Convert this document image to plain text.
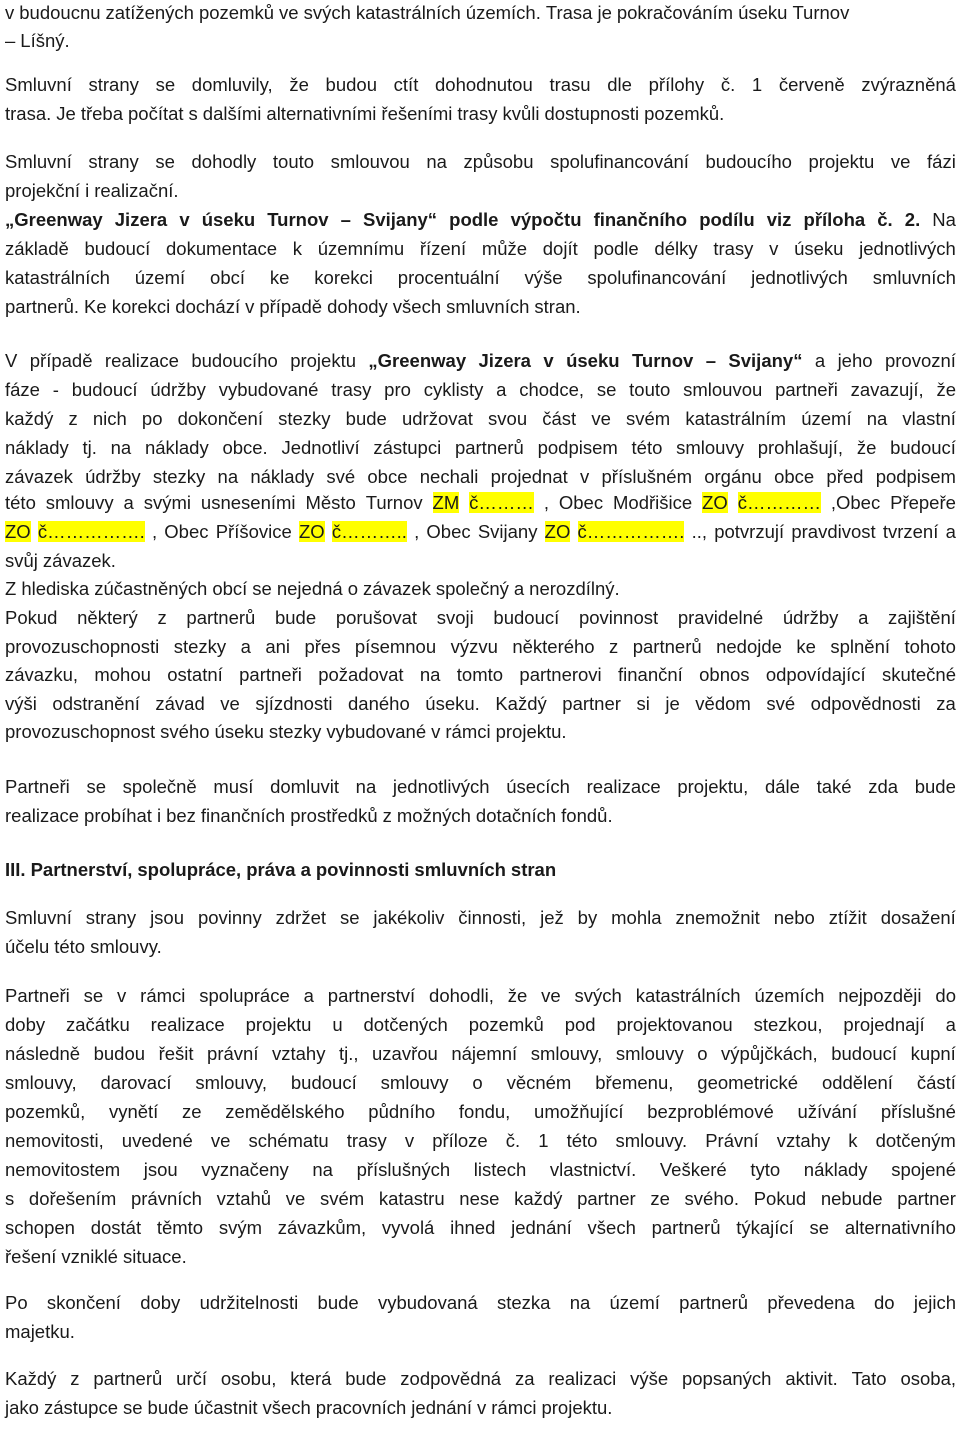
v budoucnu zatížených pozemků ve svých katastrálních územích. Trasa je pokračováním úseku Turnov
– Líšný.
Smluvní strany se domluvily, že budou ctít dohodnutou trasu dle přílohy č. 1 červeně zvýrazněná
trasa. Je třeba počítat s dalšími alternativními řešeními trasy kvůli dostupnosti pozemků.
Smluvní strany se dohodly touto smlouvou na způsobu spolufinancování budoucího projektu ve fázi
projekční i realizační.
„Greenway Jizera v úseku Turnov – Svijany“ podle výpočtu finančního podílu viz příloha č. 2. Na
základě budoucí dokumentace k územnímu řízení může dojít podle délky trasy v úseku jednotlivých
katastrálních území obcí ke korekci procentuální výše spolufinancování jednotlivých smluvních
partnerů. Ke korekci dochází v případě dohody všech smluvních stran.
V případě realizace budoucího projektu „Greenway Jizera v úseku Turnov – Svijany“ a jeho provozní
fáze - budoucí údržby vybudované trasy pro cyklisty a chodce, se touto smlouvou partneři zavazují, že
každý z nich po dokončení stezky bude udržovat svou část ve svém katastrálním území na vlastní
náklady tj. na náklady obce. Jednotliví zástupci partnerů podpisem této smlouvy prohlašují, že budoucí
závazek údržby stezky na náklady své obce nechali projednat v příslušném orgánu obce před podpisem
této smlouvy a svými usneseními Město Turnov ZM č……… , Obec Modřišice ZO č………… ,Obec Přepeře
ZO č……………. , Obec Příšovice ZO č……….. , Obec Svijany ZO č……………. .., potvrzují pravdivost tvrzení a
svůj závazek.
Z hlediska zúčastněných obcí se nejedná o závazek společný a nerozdílný.
Pokud některý z partnerů bude porušovat svoji budoucí povinnost pravidelné údržby a zajištění
provozuschopnosti stezky a ani přes písemnou výzvu některého z partnerů nedojde ke splnění tohoto
závazku, mohou ostatní partneři požadovat na tomto partnerovi finanční obnos odpovídající skutečné
výši odstranění závad ve sjízdnosti daného úseku. Každý partner si je vědom své odpovědnosti za
provozuschopnost svého úseku stezky vybudované v rámci projektu.
Partneři se společně musí domluvit na jednotlivých úsecích realizace projektu, dále také zda bude
realizace probíhat i bez finančních prostředků z možných dotačních fondů.
III. Partnerství, spolupráce, práva a povinnosti smluvních stran
Smluvní strany jsou povinny zdržet se jakékoliv činnosti, jež by mohla znemožnit nebo ztížit dosažení
účelu této smlouvy.
Partneři se v rámci spolupráce a partnerství dohodli, že ve svých katastrálních územích nejpozději do
doby začátku realizace projektu u dotčených pozemků pod projektovanou stezkou, projednají a
následně budou řešit právní vztahy tj., uzavřou nájemní smlouvy, smlouvy o výpůjčkách, budoucí kupní
smlouvy, darovací smlouvy, budoucí smlouvy o věcném břemenu, geometrické oddělení částí
pozemků, vynětí ze zemědělského půdního fondu, umožňující bezproblémové užívání příslušné
nemovitosti, uvedené ve schématu trasy v příloze č. 1 této smlouvy. Právní vztahy k dotčeným
nemovitostem jsou vyznačeny na příslušných listech vlastnictví. Veškeré tyto náklady spojené
s dořešením právních vztahů ve svém katastru nese každý partner ze svého. Pokud nebude partner
schopen dostát těmto svým závazkům, vyvolá ihned jednání všech partnerů týkající se alternativního
řešení vzniklé situace.
Po skončení doby udržitelnosti bude vybudovaná stezka na území partnerů převedena do jejich
majetku.
Každý z partnerů určí osobu, která bude zodpovědná za realizaci výše popsaných aktivit. Tato osoba,
jako zástupce se bude účastnit všech pracovních jednání v rámci projektu.
